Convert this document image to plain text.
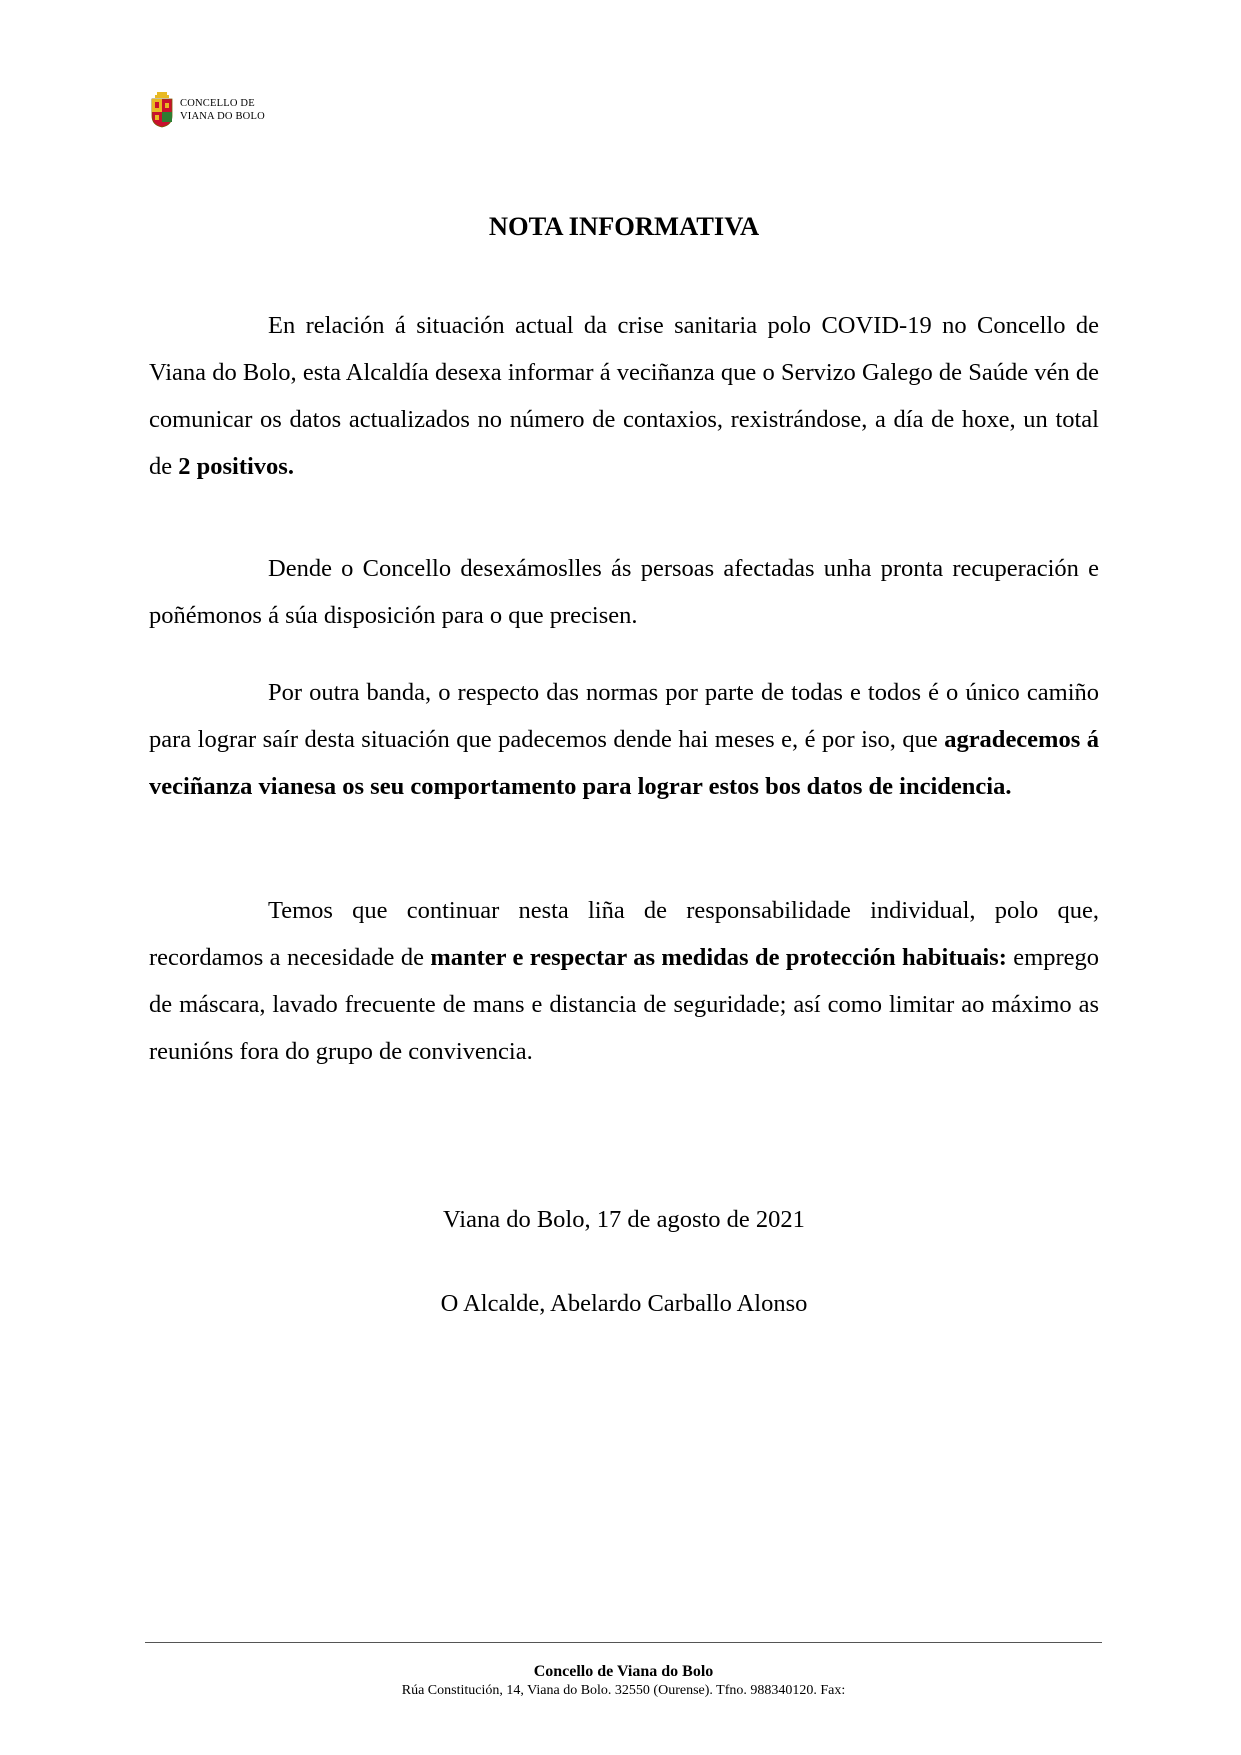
CONCELLO DE
VIANA DO BOLO
NOTA INFORMATIVA

En relación á situación actual da crise sanitaria polo COVID-19 no Concello de Viana do Bolo, esta Alcaldía desexa informar á veciñanza que o Servizo Galego de Saúde vén de comunicar os datos actualizados no número de contaxios, rexistrándose, a día de hoxe, un total de 2 positivos.

Dende o Concello desexámoslles ás persoas afectadas unha pronta recuperación e poñémonos á súa disposición para o que precisen.

Por outra banda, o respecto das normas por parte de todas e todos é o único camiño para lograr saír desta situación que padecemos dende hai meses e, é por iso, que agradecemos á veciñanza vianesa os seu comportamento para lograr estos bos datos de incidencia.

Temos que continuar nesta liña de responsabilidade individual, polo que, recordamos a necesidade de manter e respectar as medidas de protección habituais: emprego de máscara, lavado frecuente de mans e distancia de seguridade; así como limitar ao máximo as reunións fora do grupo de convivencia.

Viana do Bolo, 17 de agosto de 2021
O Alcalde, Abelardo Carballo Alonso
Concello de Viana do Bolo
Rúa Constitución, 14, Viana do Bolo. 32550 (Ourense). Tfno. 988340120. Fax:
